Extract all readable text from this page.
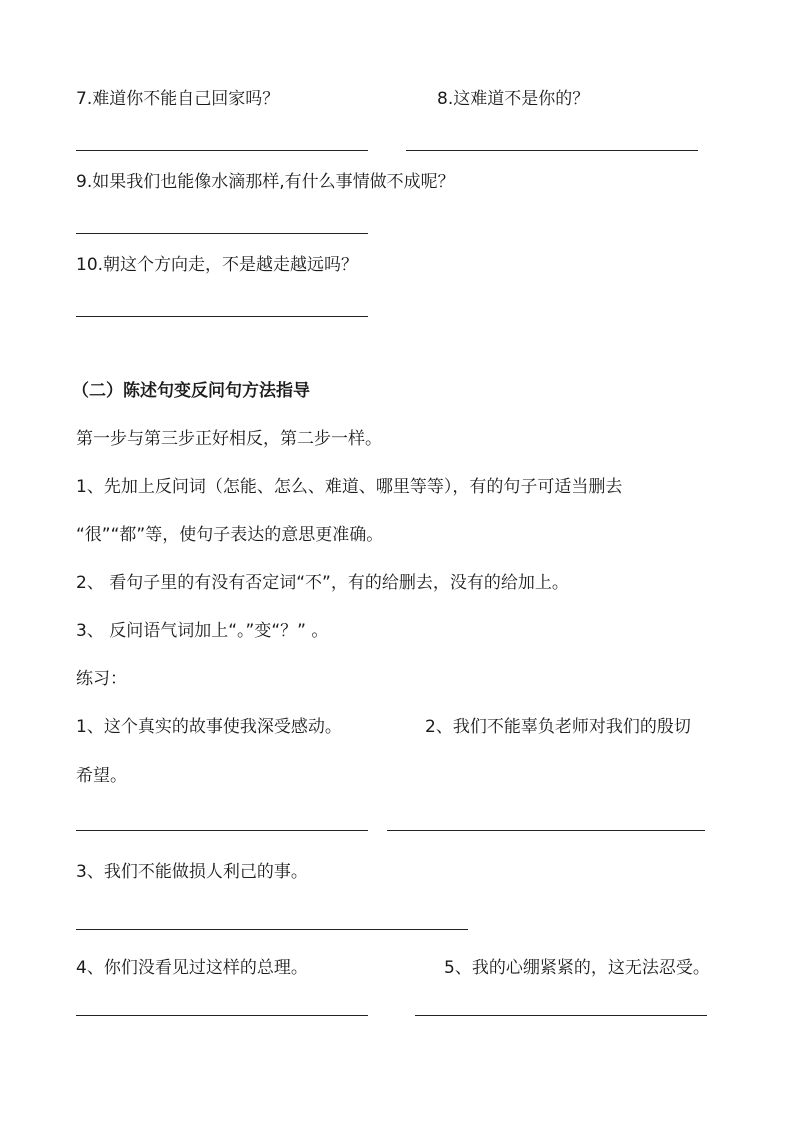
7.难道你不能自己回家吗？	8.这难道不是你的？
9.如果我们也能像水滴那样,有什么事情做不成呢？
10.朝这个方向走，不是越走越远吗？
（二）陈述句变反问句方法指导
第一步与第三步正好相反，第二步一样。
1、先加上反问词（怎能、怎么、难道、哪里等等），有的句子可适当删去
“很”“都”等，使句子表达的意思更准确。
2、 看句子里的有没有否定词“不”，有的给删去，没有的给加上。
3、 反问语气词加上“。”变“？” 。
练习：
1、这个真实的故事使我深受感动。	2、我们不能辜负老师对我们的殷切
希望。
3、我们不能做损人利己的事。
4、你们没看见过这样的总理。	5、我的心绷紧紧的，这无法忍受。
